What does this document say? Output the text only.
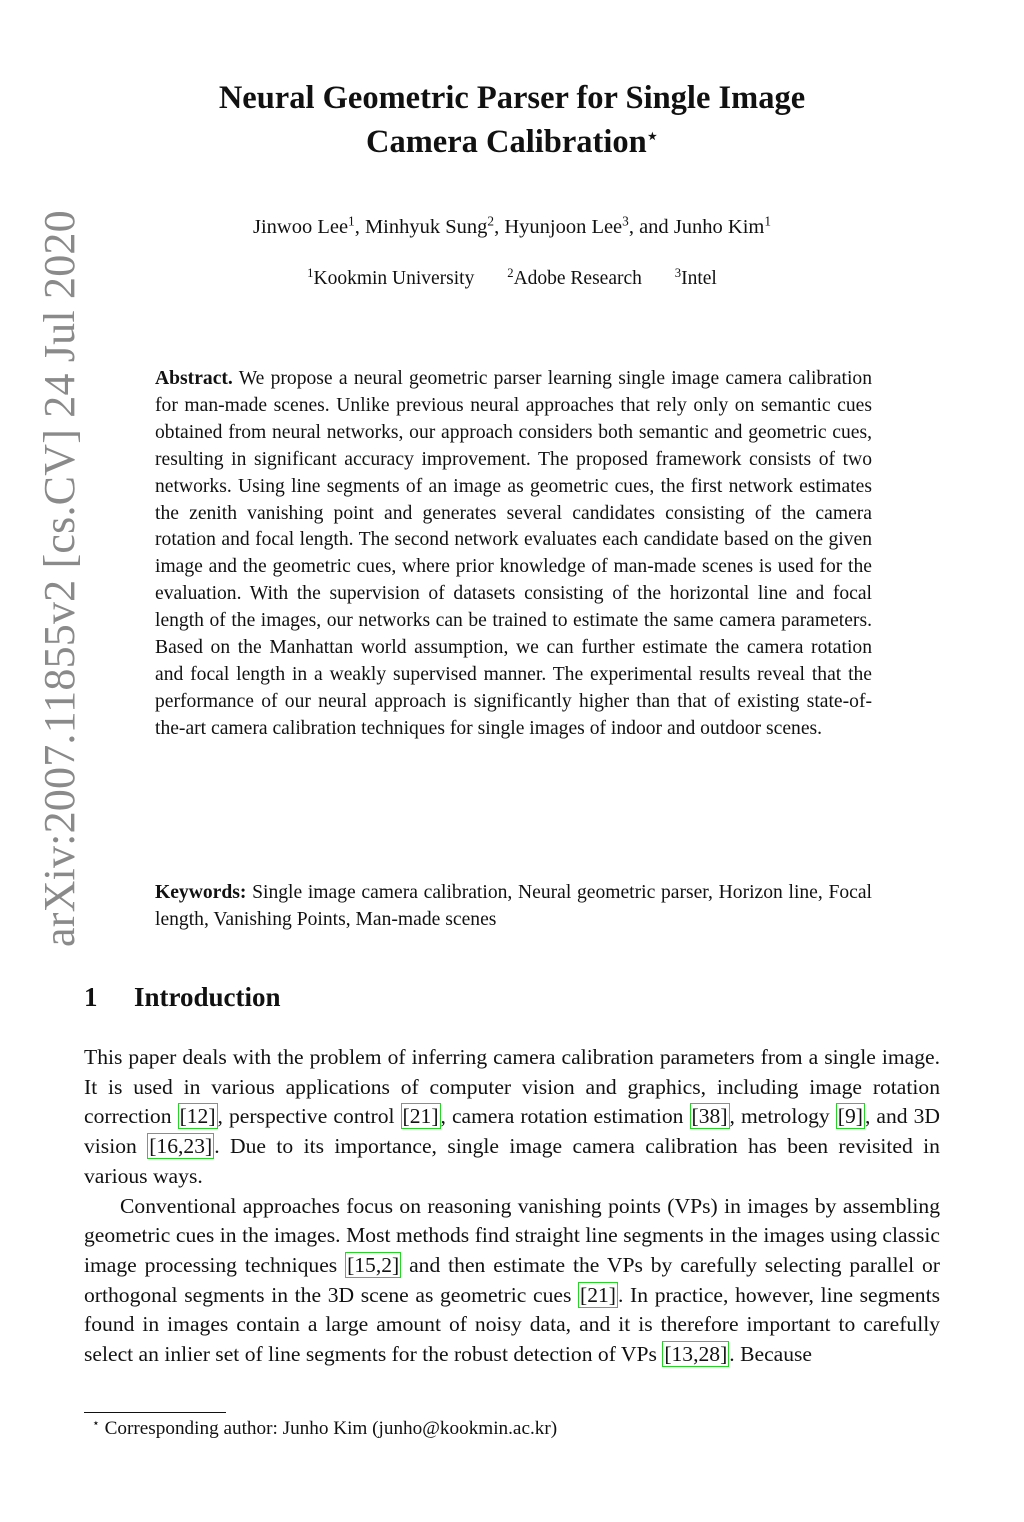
arXiv:2007.11855v2 [cs.CV] 24 Jul 2020
Neural Geometric Parser for Single Image
Camera Calibration⋆
Jinwoo Lee$^1$, Minhyuk Sung$^2$, Hyunjoon Lee$^3$, and Junho Kim$^1$
$^1$Kookmin University	$^2$Adobe Research	$^3$Intel
Abstract. We propose a neural geometric parser learning single image camera calibration for man-made scenes. Unlike previous neural approaches that rely only on semantic cues obtained from neural networks, our approach considers both semantic and geometric cues, resulting in significant accuracy improvement. The proposed framework consists of two networks. Using line segments of an image as geometric cues, the first network estimates the zenith vanishing point and generates several candidates consisting of the camera rotation and focal length. The second network evaluates each candidate based on the given image and the geometric cues, where prior knowledge of man-made scenes is used for the evaluation. With the supervision of datasets consisting of the horizontal line and focal length of the images, our networks can be trained to estimate the same camera parameters. Based on the Manhattan world assumption, we can further estimate the camera rotation and focal length in a weakly supervised manner. The experimental results reveal that the performance of our neural approach is significantly higher than that of existing state-of-the-art camera calibration techniques for single images of indoor and outdoor scenes.
Keywords: Single image camera calibration, Neural geometric parser, Horizon line, Focal length, Vanishing Points, Man-made scenes
1 Introduction

This paper deals with the problem of inferring camera calibration parameters from a single image. It is used in various applications of computer vision and graphics, including image rotation correction [12], perspective control [21], camera rotation estimation [38], metrology [9], and 3D vision [16,23]. Due to its importance, single image camera calibration has been revisited in various ways.

Conventional approaches focus on reasoning vanishing points (VPs) in images by assembling geometric cues in the images. Most methods find straight line segments in the images using classic image processing techniques [15,2] and then estimate the VPs by carefully selecting parallel or orthogonal segments in the 3D scene as geometric cues [21]. In practice, however, line segments found in images contain a large amount of noisy data, and it is therefore important to carefully select an inlier set of line segments for the robust detection of VPs [13,28]. Because

⋆ Corresponding author: Junho Kim (junho@kookmin.ac.kr)
